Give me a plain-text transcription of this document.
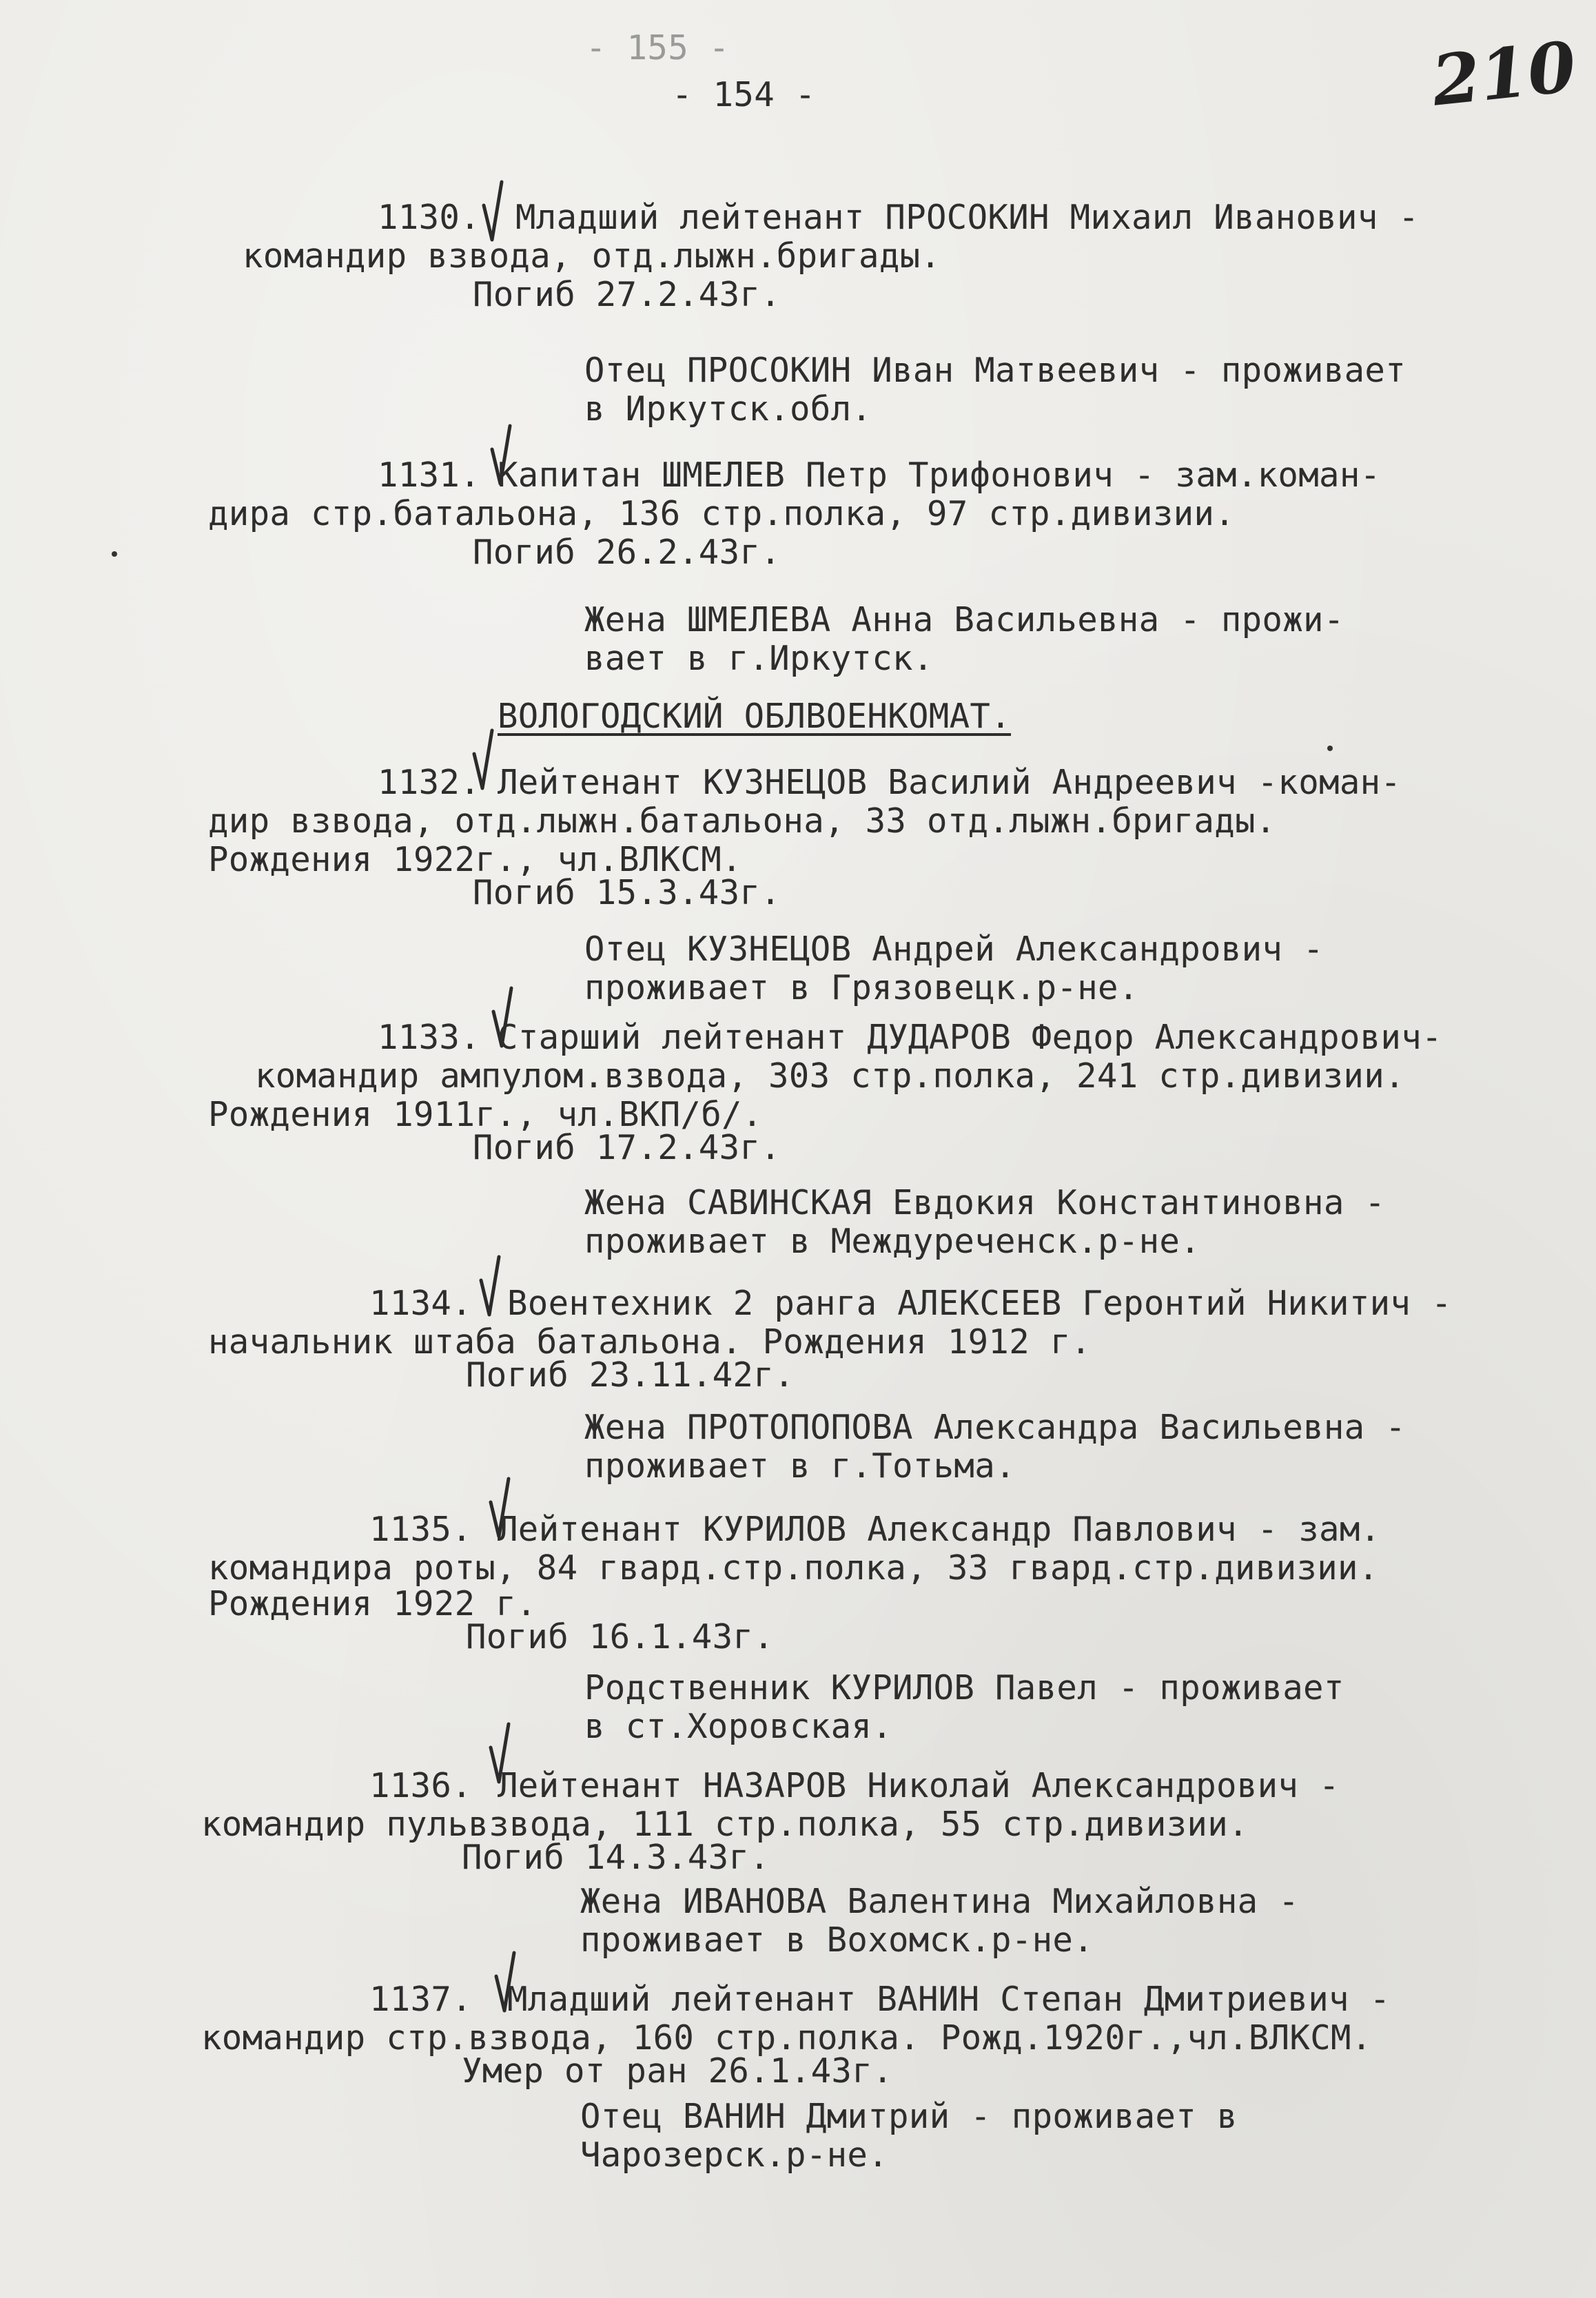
- 155 -
- 154 -	210
1130. Младший лейтенант ПРОСОКИН Михаил Иванович -
командир взвода, отд.лыжн.бригады.
Погиб 27.2.43г.
Отец ПРОСОКИН Иван Матвеевич - проживает
в Иркутск.обл.
1131. Капитан ШМЕЛЕВ Петр Трифонович - зам.коман-
дира стр.батальона, 136 стр.полка, 97 стр.дивизии.
Погиб 26.2.43г.
Жена ШМЕЛЕВА Анна Васильевна - прожи-
вает в г.Иркутск.
ВОЛОГОДСКИЙ ОБЛВОЕНКОМАТ.
1132. Лейтенант КУЗНЕЦОВ Василий Андреевич -коман-
дир взвода, отд.лыжн.батальона, 33 отд.лыжн.бригады.
Рождения 1922г., чл.ВЛКСМ.
Погиб 15.3.43г.
Отец КУЗНЕЦОВ Андрей Александрович -
проживает в Грязовецк.р-не.
1133. Старший лейтенант ДУДАРОВ Федор Александрович-
командир ампулом.взвода, 303 стр.полка, 241 стр.дивизии.
Рождения 1911г., чл.ВКП/б/.
Погиб 17.2.43г.
Жена САВИНСКАЯ Евдокия Константиновна -
проживает в Междуреченск.р-не.
1134. Воентехник 2 ранга АЛЕКСЕЕВ Геронтий Никитич -
начальник штаба батальона. Рождения 1912 г.
Погиб 23.11.42г.
Жена ПРОТОПОПОВА Александра Васильевна -
проживает в г.Тотьма.
1135. Лейтенант КУРИЛОВ Александр Павлович - зам.
командира роты, 84 гвард.стр.полка, 33 гвард.стр.дивизии.
Рождения 1922 г.
Погиб 16.1.43г.
Родственник КУРИЛОВ Павел - проживает
в ст.Хоровская.
1136. Лейтенант НАЗАРОВ Николай Александрович -
командир пульвзвода, 111 стр.полка, 55 стр.дивизии.
Погиб 14.3.43г.
Жена ИВАНОВА Валентина Михайловна -
проживает в Вохомск.р-не.
1137. Младший лейтенант ВАНИН Степан Дмитриевич -
командир стр.взвода, 160 стр.полка. Рожд.1920г.,чл.ВЛКСМ.
Умер от ран 26.1.43г.
Отец ВАНИН Дмитрий - проживает в
Чарозерск.р-не.
